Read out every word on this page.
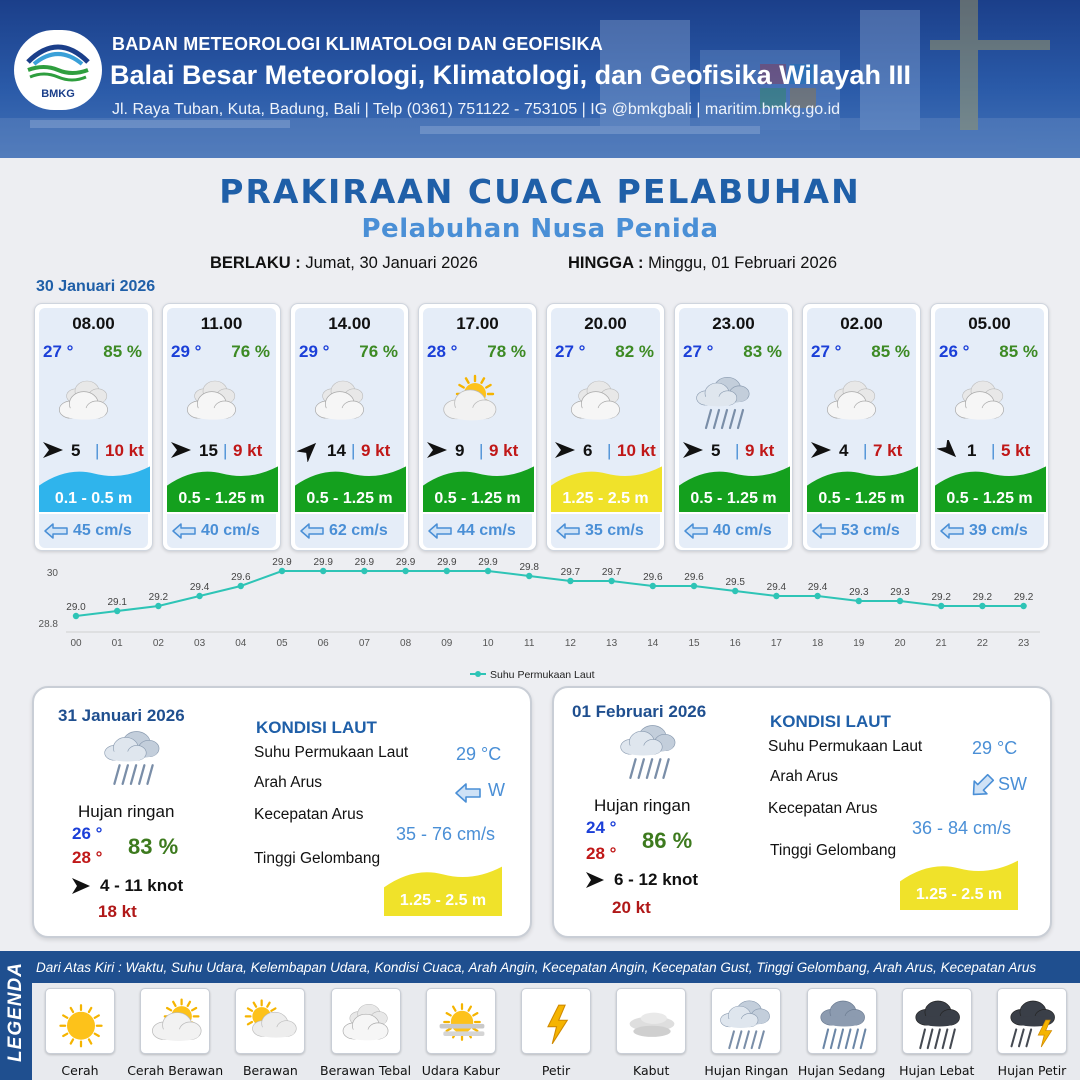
BMKG
BADAN METEOROLOGI KLIMATOLOGI DAN GEOFISIKA
Balai Besar Meteorologi, Klimatologi, dan Geofisika Wilayah III
Jl. Raya Tuban, Kuta, Badung, Bali | Telp (0361) 751122 - 753105 | IG @bmkgbali | maritim.bmkg.go.id
PRAKIRAAN CUACA PELABUHAN
Pelabuhan Nusa Penida
BERLAKU : Jumat, 30 Januari 2026	HINGGA : Minggu, 01 Februari 2026
30 Januari 2026
08.00
27 ° 85 %
5 | 10 kt
0.1 - 0.5 m
45 cm/s
11.00
29 ° 76 %
15 | 9 kt
0.5 - 1.25 m
40 cm/s
14.00
29 ° 76 %
14 | 9 kt
0.5 - 1.25 m
62 cm/s
17.00
28 ° 78 %
9 | 9 kt
0.5 - 1.25 m
44 cm/s
20.00
27 ° 82 %
6 | 10 kt
1.25 - 2.5 m
35 cm/s
23.00
27 ° 83 %
5 | 9 kt
0.5 - 1.25 m
40 cm/s
02.00
27 ° 85 %
4 | 7 kt
0.5 - 1.25 m
53 cm/s
05.00
26 ° 85 %
1 | 5 kt
0.5 - 1.25 m
39 cm/s
30
28.8
29.0
00
29.1
01
29.2
02
29.4
03
29.6
04
29.9
05
29.9
06
29.9
07
29.9
08
29.9
09
29.9
10
29.8
11
29.7
12
29.7
13
29.6
14
29.6
15
29.5
16
29.4
17
29.4
18
29.3
19
29.3
20
29.2
21
29.2
22
29.2
23
Suhu Permukaan Laut
31 Januari 2026
Hujan ringan
26 °
28 ° 83 %
4 - 11 knot
18 kt
KONDISI LAUT
Suhu Permukaan Laut	29 °C
Arah Arus	W
Kecepatan Arus
35 - 76 cm/s
Tinggi Gelombang
1.25 - 2.5 m
01 Februari 2026
Hujan ringan
24 °
28 °
86 %
6 - 12 knot
20 kt
KONDISI LAUT
Suhu Permukaan Laut	29 °C
Arah Arus	SW
Kecepatan Arus
36 - 84 cm/s
Tinggi Gelombang
1.25 - 2.5 m
LEGENDA Dari Atas Kiri : Waktu, Suhu Udara, Kelembapan Udara, Kondisi Cuaca, Arah Angin, Kecepatan Angin, Kecepatan Gust, Tinggi Gelombang, Arah Arus, Kecepatan Arus
Cerah	Cerah Berawan	Berawan	Berawan Tebal Udara Kabur	Petir	Kabut	Hujan Ringan Hujan Sedang	Hujan Lebat	Hujan Petir
